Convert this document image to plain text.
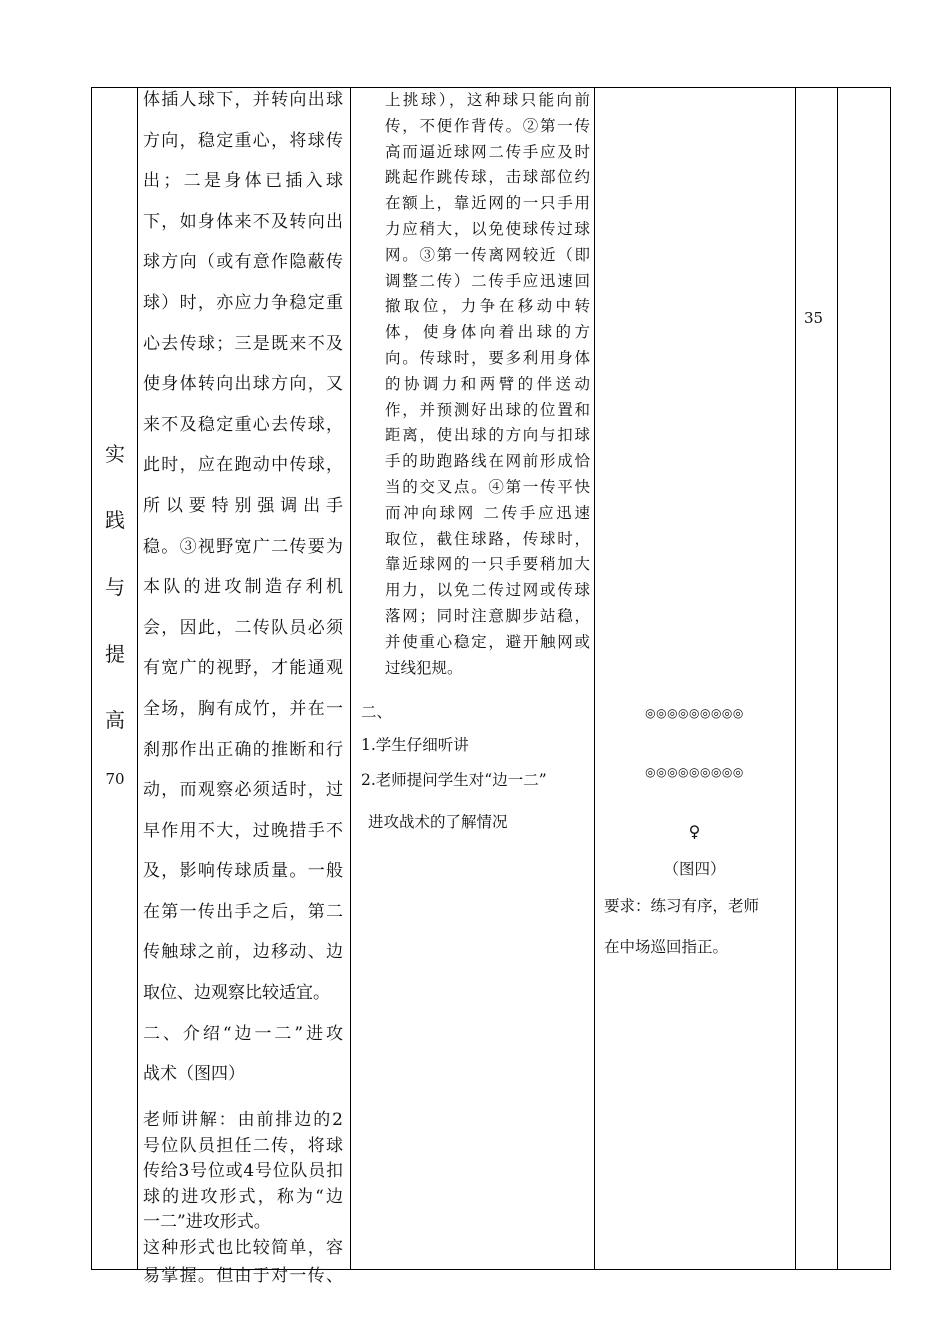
实
践
与
提
高
70

体插人球下，并转向出球

方向，稳定重心，将球传

出；二是身体已插入球

下，如身体来不及转向出

球方向（或有意作隐蔽传

球）时，亦应力争稳定重

心去传球；三是既来不及

使身体转向出球方向，又

来不及稳定重心去传球，

此时，应在跑动中传球，

所以要特别强调出手

稳。③视野宽广二传要为

本队的进攻制造存利机

会，因此，二传队员必须

有宽广的视野，才能通观

全场，胸有成竹，并在一

刹那作出正确的推断和行

动，而观察必须适时，过

早作用不大，过晚措手不

及，影响传球质量。一般

在第一传出手之后，第二

传触球之前，边移动、边

取位、边观察比较适宜。

二、介绍“边一二”进攻

战术（图四）

老师讲解：由前排边的2

号位队员担任二传，将球

传给3号位或4号位队员扣

球的进攻形式，称为“边

一二”进攻形式。

这种形式也比较简单，容

易掌握。但由于对一传、

上挑球），这种球只能向前

传，不便作背传。②第一传

高而逼近球网二传手应及时

跳起作跳传球，击球部位约

在额上，靠近网的一只手用

力应稍大，以免使球传过球

网。③第一传离网较近（即

调整二传）二传手应迅速回

撤取位，力争在移动中转

体，使身体向着出球的方

向。传球时，要多利用身体

的协调力和两臂的伴送动

作，并预测好出球的位置和

距离，使出球的方向与扣球

手的助跑路线在网前形成恰

当的交叉点。④第一传平快

而冲向球网 二传手应迅速

取位，截住球路，传球时，

靠近球网的一只手要稍加大

用力，以免二传过网或传球

落网；同时注意脚步站稳，

并使重心稳定，避开触网或

过线犯规。

二、
1.学生仔细听讲
2.老师提问学生对“边一二”
进攻战术的了解情况
◎◎◎◎◎◎◎◎◎
◎◎◎◎◎◎◎◎◎
♀
（图四）
要求：练习有序，老师
在中场巡回指正。
35
